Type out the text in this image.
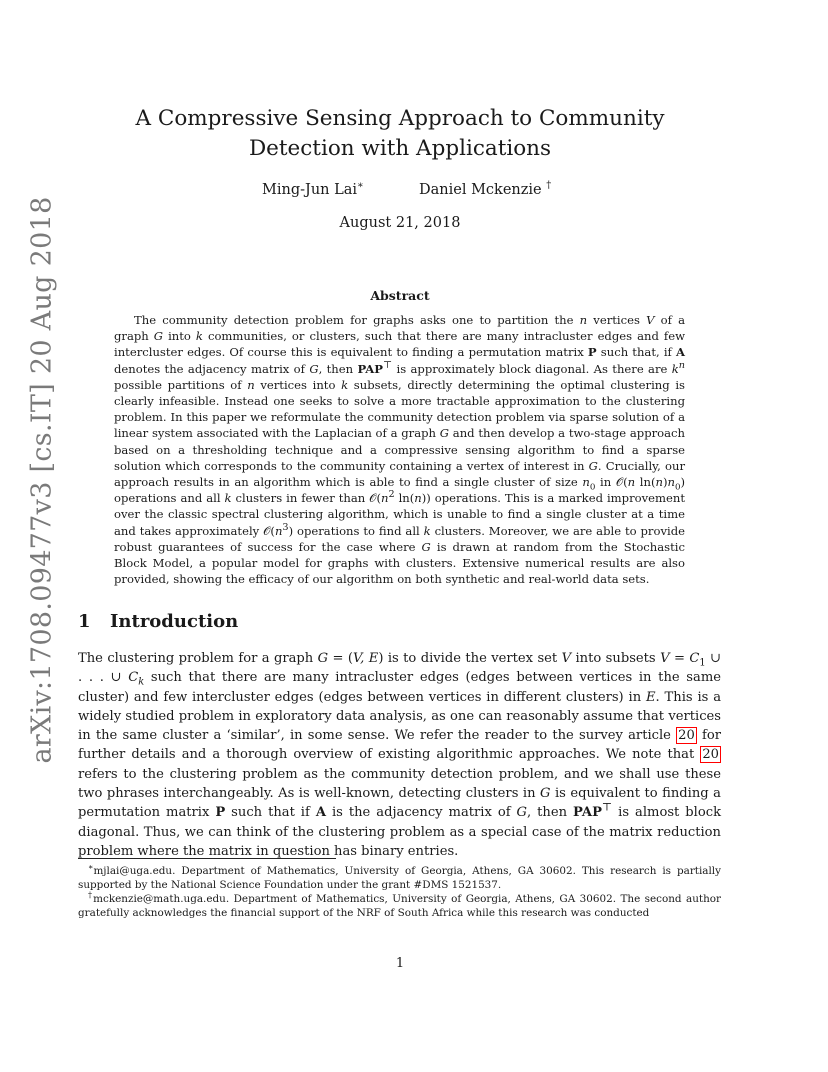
arXiv:1708.09477v3 [cs.IT] 20 Aug 2018
A Compressive Sensing Approach to Community Detection with Applications
Ming-Jun Lai∗	Daniel Mckenzie †
August 21, 2018
Abstract

The community detection problem for graphs asks one to partition the n vertices V of a graph G into k communities, or clusters, such that there are many intracluster edges and few intercluster edges. Of course this is equivalent to finding a permutation matrix P such that, if A denotes the adjacency matrix of G, then PAP⊤ is approximately block diagonal. As there are $k^n$ possible partitions of n vertices into k subsets, directly determining the optimal clustering is clearly infeasible. Instead one seeks to solve a more tractable approximation to the clustering problem. In this paper we reformulate the community detection problem via sparse solution of a linear system associated with the Laplacian of a graph G and then develop a two-stage approach based on a thresholding technique and a compressive sensing algorithm to find a sparse solution which corresponds to the community containing a vertex of interest in G. Crucially, our approach results in an algorithm which is able to find a single cluster of size $n_0$ in 𝒪(n $\ln(n)n_0$) operations and all k clusters in fewer than $𝒪(n^2$ ln(n)) operations. This is a marked improvement over the classic spectral clustering algorithm, which is unable to find a single cluster at a time and takes approximately $𝒪(n^3)$ operations to find all k clusters. Moreover, we are able to provide robust guarantees of success for the case where G is drawn at random from the Stochastic Block Model, a popular model for graphs with clusters. Extensive numerical results are also provided, showing the efficacy of our algorithm on both synthetic and real-world data sets.

1 Introduction

The clustering problem for a graph G = (V, E) is to divide the vertex set V into subsets $V = C_1$ ∪ . . . ∪ $C_k$ such that there are many intracluster edges (edges between vertices in the same cluster) and few intercluster edges (edges between vertices in different clusters) in E. This is a widely studied problem in exploratory data analysis, as one can reasonably assume that vertices in the same cluster a ‘similar’, in some sense. We refer the reader to the survey article 20 for further details and a thorough overview of existing algorithmic approaches. We note that 20 refers to the clustering problem as the community detection problem, and we shall use these two phrases interchangeably. As is well-known, detecting clusters in G is equivalent to finding a permutation matrix P such that if A is the adjacency matrix of G, then PAP⊤ is almost block diagonal. Thus, we can think of the clustering problem as a special case of the matrix reduction problem where the matrix in question has binary entries.

∗mjlai@uga.edu. Department of Mathematics, University of Georgia, Athens, GA 30602. This research is partially supported by the National Science Foundation under the grant #DMS 1521537.

†mckenzie@math.uga.edu. Department of Mathematics, University of Georgia, Athens, GA 30602. The second author gratefully acknowledges the financial support of the NRF of South Africa while this research was conducted

1
